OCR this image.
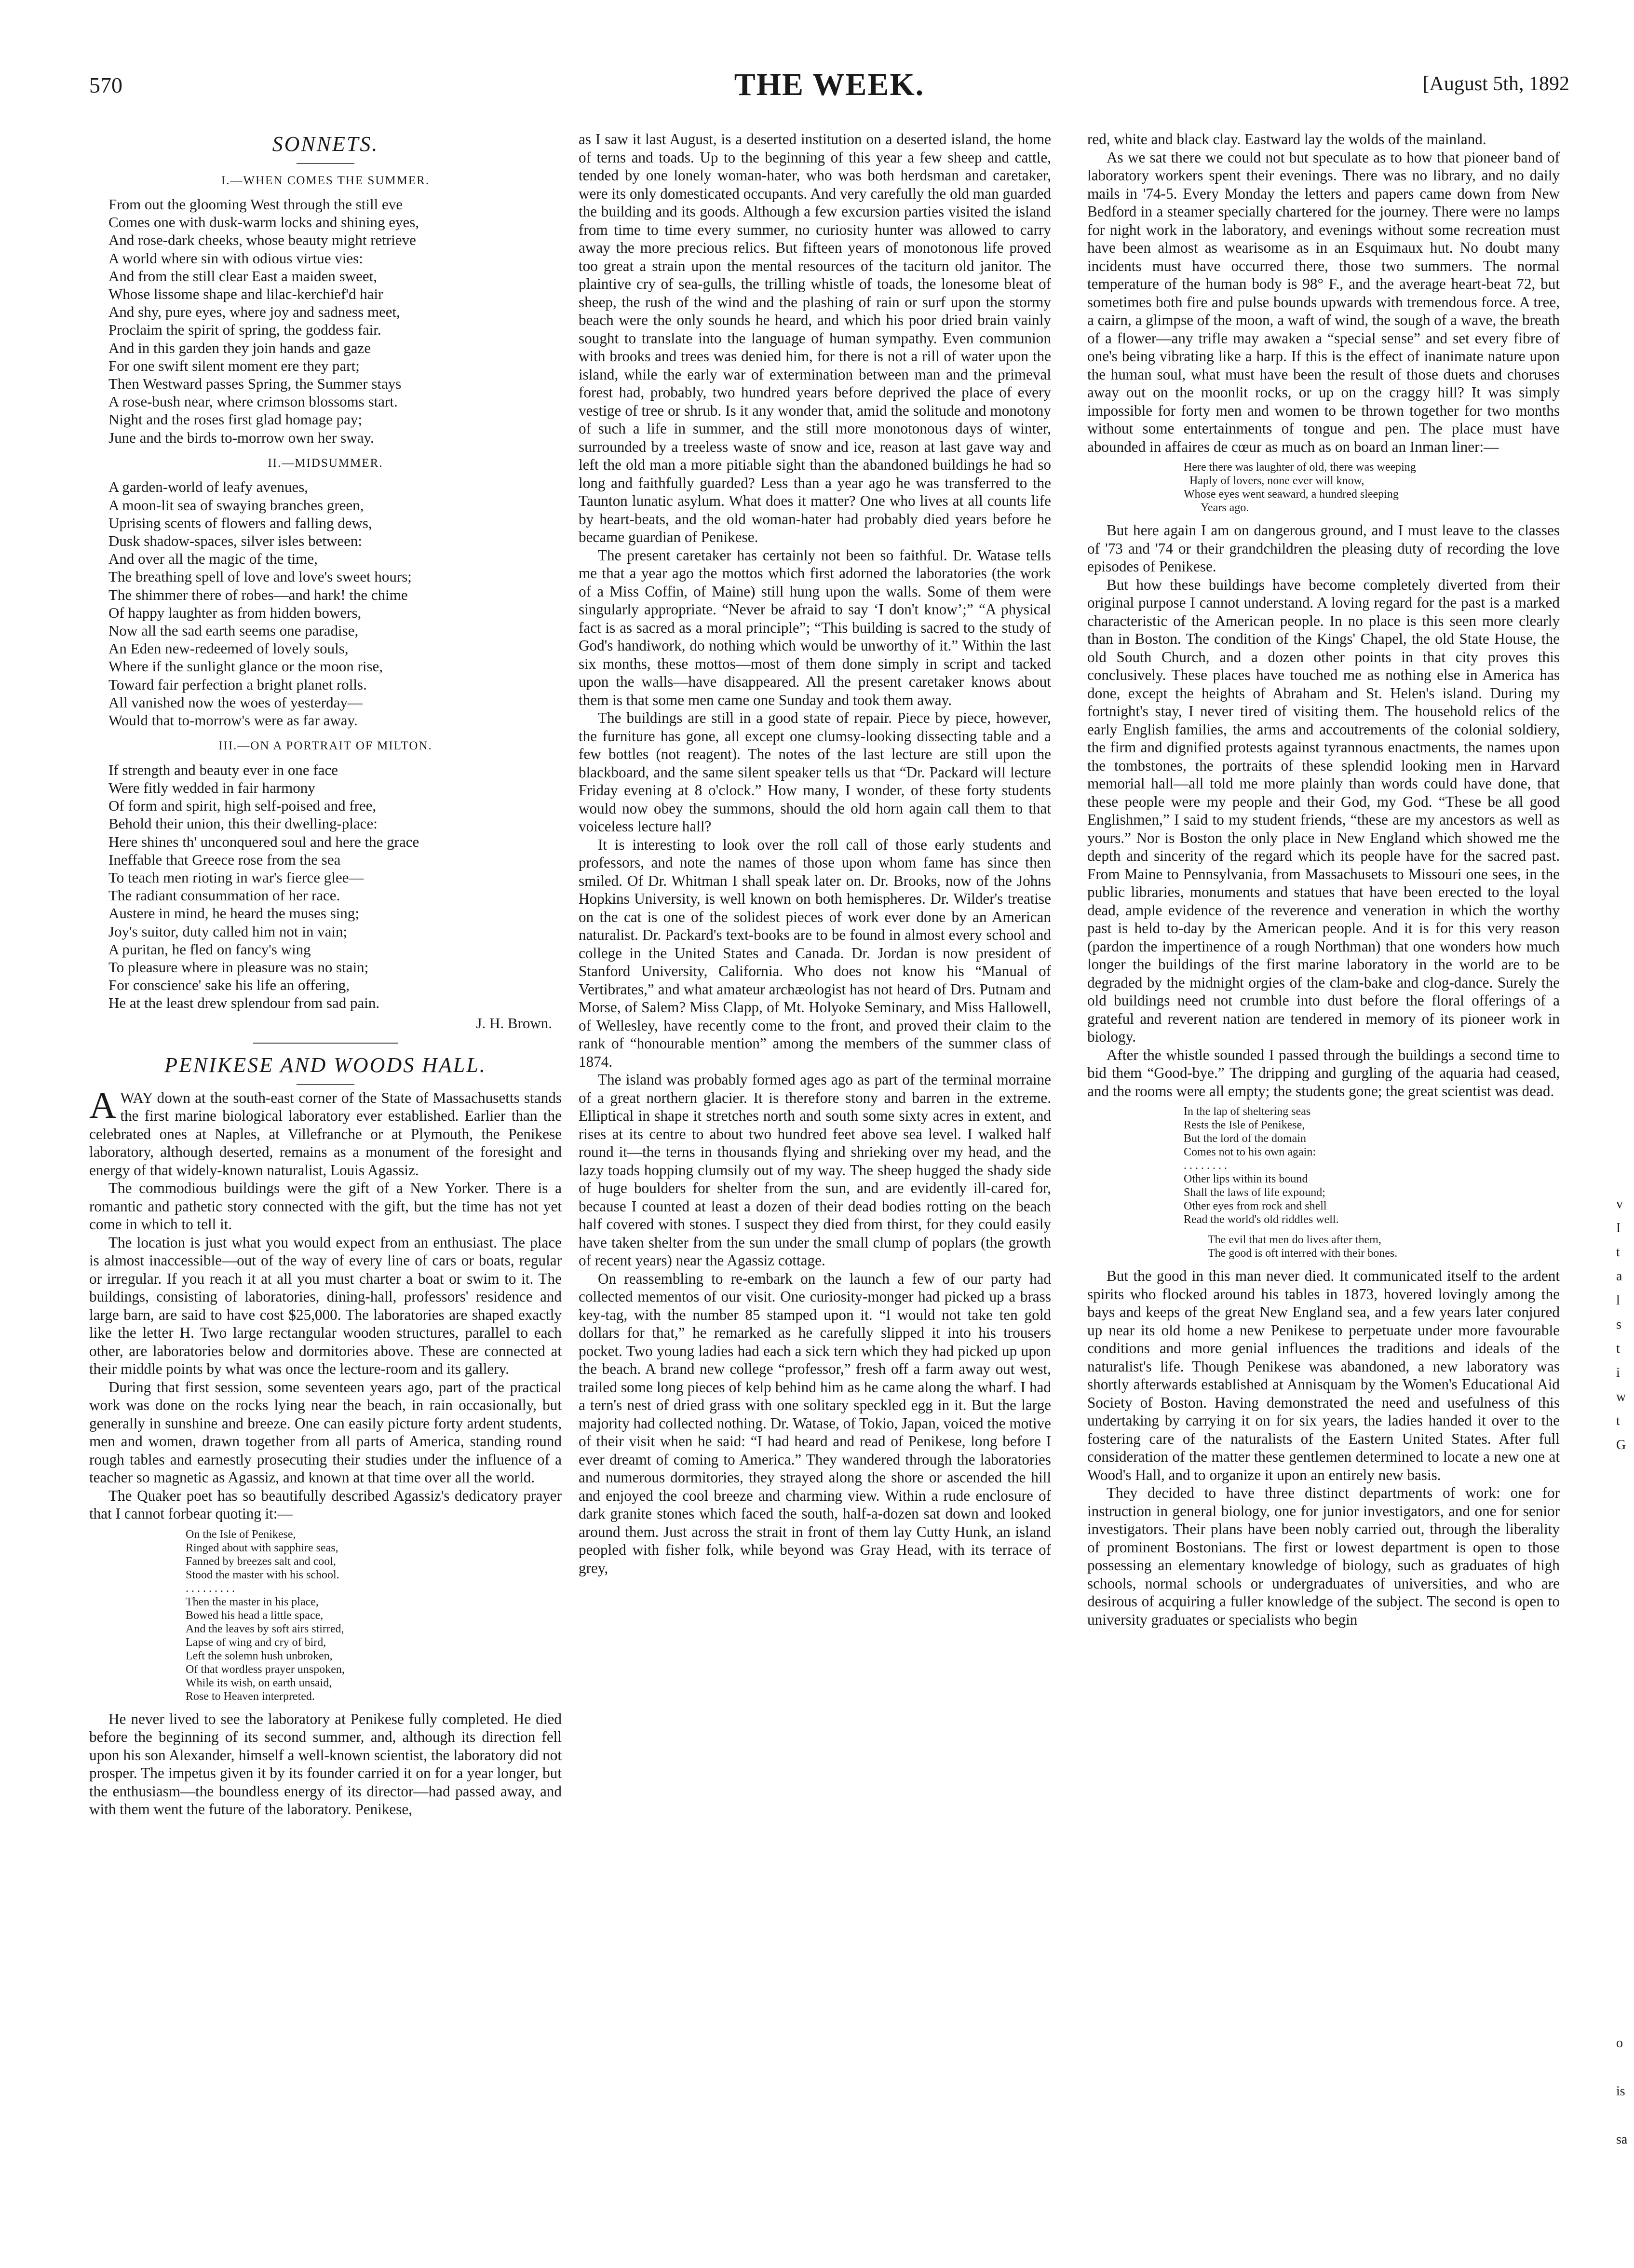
570	THE WEEK.	[August 5th, 1892
SONNETS.
I.—WHEN COMES THE SUMMER.
From out the glooming West through the still eve
Comes one with dusk-warm locks and shining eyes,
And rose-dark cheeks, whose beauty might retrieve
A world where sin with odious virtue vies:
And from the still clear East a maiden sweet,
Whose lissome shape and lilac-kerchief'd hair
And shy, pure eyes, where joy and sadness meet,
Proclaim the spirit of spring, the goddess fair.
And in this garden they join hands and gaze
For one swift silent moment ere they part;
Then Westward passes Spring, the Summer stays
A rose-bush near, where crimson blossoms start.
Night and the roses first glad homage pay;
June and the birds to-morrow own her sway.
II.—MIDSUMMER.
A garden-world of leafy avenues,
A moon-lit sea of swaying branches green,
Uprising scents of flowers and falling dews,
Dusk shadow-spaces, silver isles between:
And over all the magic of the time,
The breathing spell of love and love's sweet hours;
The shimmer there of robes—and hark! the chime
Of happy laughter as from hidden bowers,
Now all the sad earth seems one paradise,
An Eden new-redeemed of lovely souls,
Where if the sunlight glance or the moon rise,
Toward fair perfection a bright planet rolls.
All vanished now the woes of yesterday—
Would that to-morrow's were as far away.
III.—ON A PORTRAIT OF MILTON.
If strength and beauty ever in one face
Were fitly wedded in fair harmony
Of form and spirit, high self-poised and free,
Behold their union, this their dwelling-place:
Here shines th' unconquered soul and here the grace
Ineffable that Greece rose from the sea
To teach men rioting in war's fierce glee—
The radiant consummation of her race.
Austere in mind, he heard the muses sing;
Joy's suitor, duty called him not in vain;
A puritan, he fled on fancy's wing
To pleasure where in pleasure was no stain;
For conscience' sake his life an offering,
He at the least drew splendour from sad pain.
J. H. Brown.
PENIKESE AND WOODS HALL.

AWAY down at the south-east corner of the State of Massachusetts stands the first marine biological laboratory ever established. Earlier than the celebrated ones at Naples, at Villefranche or at Plymouth, the Penikese laboratory, although deserted, remains as a monument of the foresight and energy of that widely-known naturalist, Louis Agassiz.

The commodious buildings were the gift of a New Yorker. There is a romantic and pathetic story connected with the gift, but the time has not yet come in which to tell it.

The location is just what you would expect from an enthusiast. The place is almost inaccessible—out of the way of every line of cars or boats, regular or irregular. If you reach it at all you must charter a boat or swim to it. The buildings, consisting of laboratories, dining-hall, professors' residence and large barn, are said to have cost $25,000. The laboratories are shaped exactly like the letter H. Two large rectangular wooden structures, parallel to each other, are laboratories below and dormitories above. These are connected at their middle points by what was once the lecture-room and its gallery.

During that first session, some seventeen years ago, part of the practical work was done on the rocks lying near the beach, in rain occasionally, but generally in sunshine and breeze. One can easily picture forty ardent students, men and women, drawn together from all parts of America, standing round rough tables and earnestly prosecuting their studies under the influence of a teacher so magnetic as Agassiz, and known at that time over all the world.

The Quaker poet has so beautifully described Agassiz's dedicatory prayer that I cannot forbear quoting it:—

On the Isle of Penikese,
Ringed about with sapphire seas,
Fanned by breezes salt and cool,
Stood the master with his school.
. . . . . . . . .
Then the master in his place,
Bowed his head a little space,
And the leaves by soft airs stirred,
Lapse of wing and cry of bird,
Left the solemn hush unbroken,
Of that wordless prayer unspoken,
While its wish, on earth unsaid,
Rose to Heaven interpreted.

He never lived to see the laboratory at Penikese fully completed. He died before the beginning of its second summer, and, although its direction fell upon his son Alexander, himself a well-known scientist, the laboratory did not prosper. The impetus given it by its founder carried it on for a year longer, but the enthusiasm—the boundless energy of its director—had passed away, and with them went the future of the laboratory. Penikese,

as I saw it last August, is a deserted institution on a deserted island, the home of terns and toads. Up to the beginning of this year a few sheep and cattle, tended by one lonely woman-hater, who was both herdsman and caretaker, were its only domesticated occupants. And very carefully the old man guarded the building and its goods. Although a few excursion parties visited the island from time to time every summer, no curiosity hunter was allowed to carry away the more precious relics. But fifteen years of monotonous life proved too great a strain upon the mental resources of the taciturn old janitor. The plaintive cry of sea-gulls, the trilling whistle of toads, the lonesome bleat of sheep, the rush of the wind and the plashing of rain or surf upon the stormy beach were the only sounds he heard, and which his poor dried brain vainly sought to translate into the language of human sympathy. Even communion with brooks and trees was denied him, for there is not a rill of water upon the island, while the early war of extermination between man and the primeval forest had, probably, two hundred years before deprived the place of every vestige of tree or shrub. Is it any wonder that, amid the solitude and monotony of such a life in summer, and the still more monotonous days of winter, surrounded by a treeless waste of snow and ice, reason at last gave way and left the old man a more pitiable sight than the abandoned buildings he had so long and faithfully guarded? Less than a year ago he was transferred to the Taunton lunatic asylum. What does it matter? One who lives at all counts life by heart-beats, and the old woman-hater had probably died years before he became guardian of Penikese.

The present caretaker has certainly not been so faithful. Dr. Watase tells me that a year ago the mottos which first adorned the laboratories (the work of a Miss Coffin, of Maine) still hung upon the walls. Some of them were singularly appropriate. “Never be afraid to say ‘I don't know’;” “A physical fact is as sacred as a moral principle”; “This building is sacred to the study of God's handiwork, do nothing which would be unworthy of it.” Within the last six months, these mottos—most of them done simply in script and tacked upon the walls—have disappeared. All the present caretaker knows about them is that some men came one Sunday and took them away.

The buildings are still in a good state of repair. Piece by piece, however, the furniture has gone, all except one clumsy-looking dissecting table and a few bottles (not reagent). The notes of the last lecture are still upon the blackboard, and the same silent speaker tells us that “Dr. Packard will lecture Friday evening at 8 o'clock.” How many, I wonder, of these forty students would now obey the summons, should the old horn again call them to that voiceless lecture hall?

It is interesting to look over the roll call of those early students and professors, and note the names of those upon whom fame has since then smiled. Of Dr. Whitman I shall speak later on. Dr. Brooks, now of the Johns Hopkins University, is well known on both hemispheres. Dr. Wilder's treatise on the cat is one of the solidest pieces of work ever done by an American naturalist. Dr. Packard's text-books are to be found in almost every school and college in the United States and Canada. Dr. Jordan is now president of Stanford University, California. Who does not know his “Manual of Vertibrates,” and what amateur archæologist has not heard of Drs. Putnam and Morse, of Salem? Miss Clapp, of Mt. Holyoke Seminary, and Miss Hallowell, of Wellesley, have recently come to the front, and proved their claim to the rank of “honourable mention” among the members of the summer class of 1874.

The island was probably formed ages ago as part of the terminal morraine of a great northern glacier. It is therefore stony and barren in the extreme. Elliptical in shape it stretches north and south some sixty acres in extent, and rises at its centre to about two hundred feet above sea level. I walked half round it—the terns in thousands flying and shrieking over my head, and the lazy toads hopping clumsily out of my way. The sheep hugged the shady side of huge boulders for shelter from the sun, and are evidently ill-cared for, because I counted at least a dozen of their dead bodies rotting on the beach half covered with stones. I suspect they died from thirst, for they could easily have taken shelter from the sun under the small clump of poplars (the growth of recent years) near the Agassiz cottage.

On reassembling to re-embark on the launch a few of our party had collected mementos of our visit. One curiosity-monger had picked up a brass key-tag, with the number 85 stamped upon it. “I would not take ten gold dollars for that,” he remarked as he carefully slipped it into his trousers pocket. Two young ladies had each a sick tern which they had picked up upon the beach. A brand new college “professor,” fresh off a farm away out west, trailed some long pieces of kelp behind him as he came along the wharf. I had a tern's nest of dried grass with one solitary speckled egg in it. But the large majority had collected nothing. Dr. Watase, of Tokio, Japan, voiced the motive of their visit when he said: “I had heard and read of Penikese, long before I ever dreamt of coming to America.” They wandered through the laboratories and numerous dormitories, they strayed along the shore or ascended the hill and enjoyed the cool breeze and charming view. Within a rude enclosure of dark granite stones which faced the south, half-a-dozen sat down and looked around them. Just across the strait in front of them lay Cutty Hunk, an island peopled with fisher folk, while beyond was Gray Head, with its terrace of grey,

red, white and black clay. Eastward lay the wolds of the mainland.

As we sat there we could not but speculate as to how that pioneer band of laboratory workers spent their evenings. There was no library, and no daily mails in '74-5. Every Monday the letters and papers came down from New Bedford in a steamer specially chartered for the journey. There were no lamps for night work in the laboratory, and evenings without some recreation must have been almost as wearisome as in an Esquimaux hut. No doubt many incidents must have occurred there, those two summers. The normal temperature of the human body is 98° F., and the average heart-beat 72, but sometimes both fire and pulse bounds upwards with tremendous force. A tree, a cairn, a glimpse of the moon, a waft of wind, the sough of a wave, the breath of a flower—any trifle may awaken a “special sense” and set every fibre of one's being vibrating like a harp. If this is the effect of inanimate nature upon the human soul, what must have been the result of those duets and choruses away out on the moonlit rocks, or up on the craggy hill? It was simply impossible for forty men and women to be thrown together for two months without some entertainments of tongue and pen. The place must have abounded in affaires de cœur as much as on board an Inman liner:—

Here there was laughter of old, there was weeping
Haply of lovers, none ever will know,
Whose eyes went seaward, a hundred sleeping
Years ago.

But here again I am on dangerous ground, and I must leave to the classes of '73 and '74 or their grandchildren the pleasing duty of recording the love episodes of Penikese.

But how these buildings have become completely diverted from their original purpose I cannot understand. A loving regard for the past is a marked characteristic of the American people. In no place is this seen more clearly than in Boston. The condition of the Kings' Chapel, the old State House, the old South Church, and a dozen other points in that city proves this conclusively. These places have touched me as nothing else in America has done, except the heights of Abraham and St. Helen's island. During my fortnight's stay, I never tired of visiting them. The household relics of the early English families, the arms and accoutrements of the colonial soldiery, the firm and dignified protests against tyrannous enactments, the names upon the tombstones, the portraits of these splendid looking men in Harvard memorial hall—all told me more plainly than words could have done, that these people were my people and their God, my God. “These be all good Englishmen,” I said to my student friends, “these are my ancestors as well as yours.” Nor is Boston the only place in New England which showed me the depth and sincerity of the regard which its people have for the sacred past. From Maine to Pennsylvania, from Massachusets to Missouri one sees, in the public libraries, monuments and statues that have been erected to the loyal dead, ample evidence of the reverence and veneration in which the worthy past is held to-day by the American people. And it is for this very reason (pardon the impertinence of a rough Northman) that one wonders how much longer the buildings of the first marine laboratory in the world are to be degraded by the midnight orgies of the clam-bake and clog-dance. Surely the old buildings need not crumble into dust before the floral offerings of a grateful and reverent nation are tendered in memory of its pioneer work in biology.

After the whistle sounded I passed through the buildings a second time to bid them “Good-bye.” The dripping and gurgling of the aquaria had ceased, and the rooms were all empty; the students gone; the great scientist was dead.

In the lap of sheltering seas
Rests the Isle of Penikese,
But the lord of the domain
Comes not to his own again:
. . . . . . . .
Other lips within its bound
Shall the laws of life expound;
Other eyes from rock and shell
Read the world's old riddles well.
The evil that men do lives after them,
The good is oft interred with their bones.

But the good in this man never died. It communicated itself to the ardent spirits who flocked around his tables in 1873, hovered lovingly among the bays and keeps of the great New England sea, and a few years later conjured up near its old home a new Penikese to perpetuate under more favourable conditions and more genial influences the traditions and ideals of the naturalist's life. Though Penikese was abandoned, a new laboratory was shortly afterwards established at Annisquam by the Women's Educational Aid Society of Boston. Having demonstrated the need and usefulness of this undertaking by carrying it on for six years, the ladies handed it over to the fostering care of the naturalists of the Eastern United States. After full consideration of the matter these gentlemen determined to locate a new one at Wood's Hall, and to organize it upon an entirely new basis.

They decided to have three distinct departments of work: one for instruction in general biology, one for junior investigators, and one for senior investigators. Their plans have been nobly carried out, through the liberality of prominent Bostonians. The first or lowest department is open to those possessing an elementary knowledge of biology, such as graduates of high schools, normal schools or undergraduates of universities, and who are desirous of acquiring a fuller knowledge of the subject. The second is open to university graduates or specialists who begin

v
I
t
a
l
s
t
i
w
t
G
o
is
sa
